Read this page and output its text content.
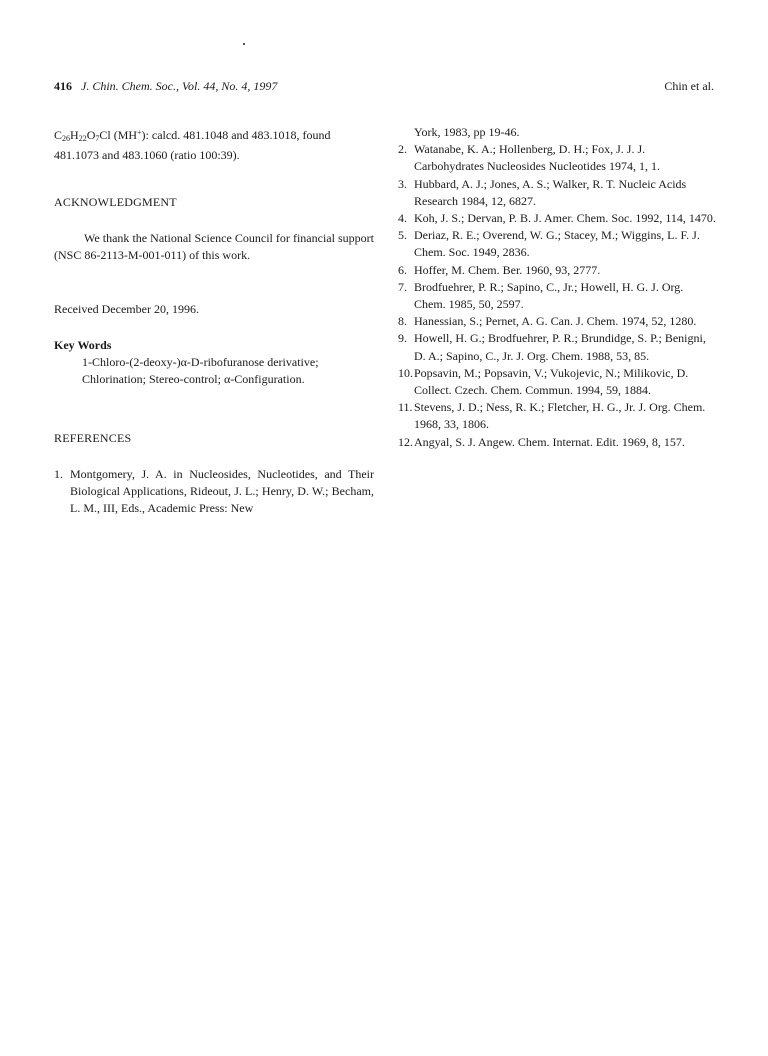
416 J. Chin. Chem. Soc., Vol. 44, No. 4, 1997	Chin et al.
$C_{26}H_{22}O_7Cl$ (MH+): calcd. 481.1048 and 483.1018, found
481.1073 and 483.1060 (ratio 100:39).
ACKNOWLEDGMENT

We thank the National Science Council for financial support (NSC 86-2113-M-001-011) of this work.

Received December 20, 1996.
Key Words
1-Chloro-(2-deoxy-)α-D-ribofuranose derivative;
Chlorination; Stereo-control; α-Configuration.
REFERENCES
1. Montgomery, J. A. in Nucleosides, Nucleotides, and Their Biological Applications, Rideout, J. L.; Henry, D. W.; Becham, L. M., III, Eds., Academic Press: New
York, 1983, pp 19-46.
2. Watanabe, K. A.; Hollenberg, D. H.; Fox, J. J. J. Carbohydrates Nucleosides Nucleotides 1974, 1, 1.
3. Hubbard, A. J.; Jones, A. S.; Walker, R. T. Nucleic Acids Research 1984, 12, 6827.
4. Koh, J. S.; Dervan, P. B. J. Amer. Chem. Soc. 1992, 114, 1470.
5. Deriaz, R. E.; Overend, W. G.; Stacey, M.; Wiggins, L. F. J. Chem. Soc. 1949, 2836.
6. Hoffer, M. Chem. Ber. 1960, 93, 2777.
7. Brodfuehrer, P. R.; Sapino, C., Jr.; Howell, H. G. J. Org. Chem. 1985, 50, 2597.
8. Hanessian, S.; Pernet, A. G. Can. J. Chem. 1974, 52, 1280.
9. Howell, H. G.; Brodfuehrer, P. R.; Brundidge, S. P.; Benigni, D. A.; Sapino, C., Jr. J. Org. Chem. 1988, 53, 85.
10. Popsavin, M.; Popsavin, V.; Vukojevic, N.; Milikovic, D. Collect. Czech. Chem. Commun. 1994, 59, 1884.
11. Stevens, J. D.; Ness, R. K.; Fletcher, H. G., Jr. J. Org. Chem. 1968, 33, 1806.
12. Angyal, S. J. Angew. Chem. Internat. Edit. 1969, 8, 157.
